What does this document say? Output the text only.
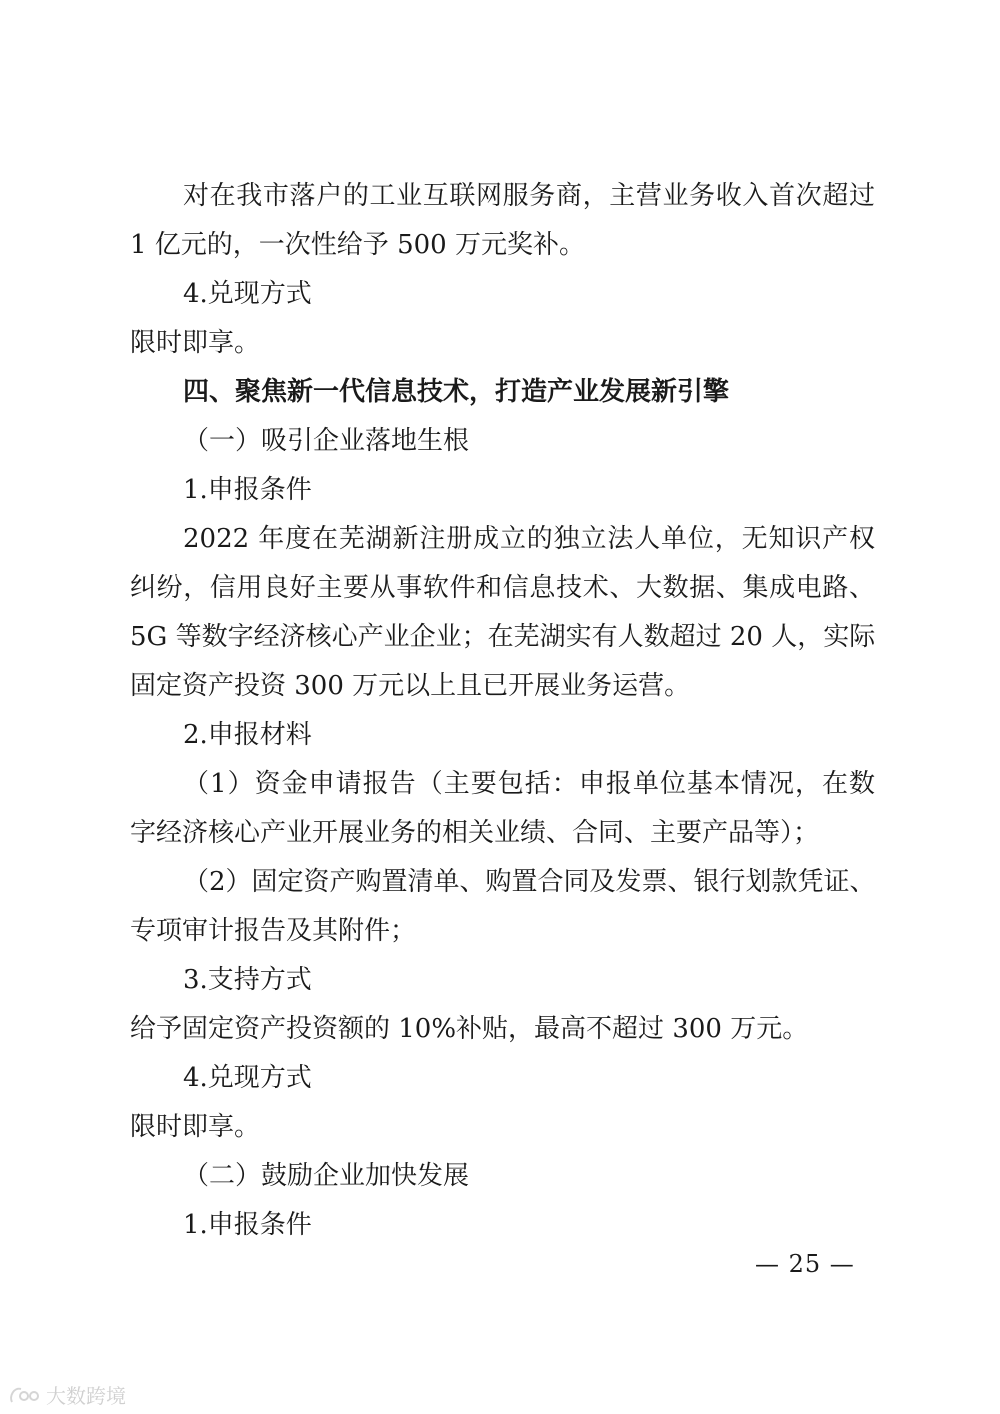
对在我市落户的工业互联网服务商，主营业务收入首次超过
1 亿元的，一次性给予 500 万元奖补。
4.兑现方式
限时即享。
四、聚焦新一代信息技术，打造产业发展新引擎
（一）吸引企业落地生根
1.申报条件
2022 年度在芜湖新注册成立的独立法人单位，无知识产权
纠纷，信用良好主要从事软件和信息技术、大数据、集成电路、
5G 等数字经济核心产业企业；在芜湖实有人数超过 20 人，实际
固定资产投资 300 万元以上且已开展业务运营。
2.申报材料
（1）资金申请报告（主要包括：申报单位基本情况，在数
字经济核心产业开展业务的相关业绩、合同、主要产品等）；
（2）固定资产购置清单、购置合同及发票、银行划款凭证、
专项审计报告及其附件；
3.支持方式
给予固定资产投资额的 10%补贴，最高不超过 300 万元。
4.兑现方式
限时即享。
（二）鼓励企业加快发展
1.申报条件
— 25 —
大数跨境
